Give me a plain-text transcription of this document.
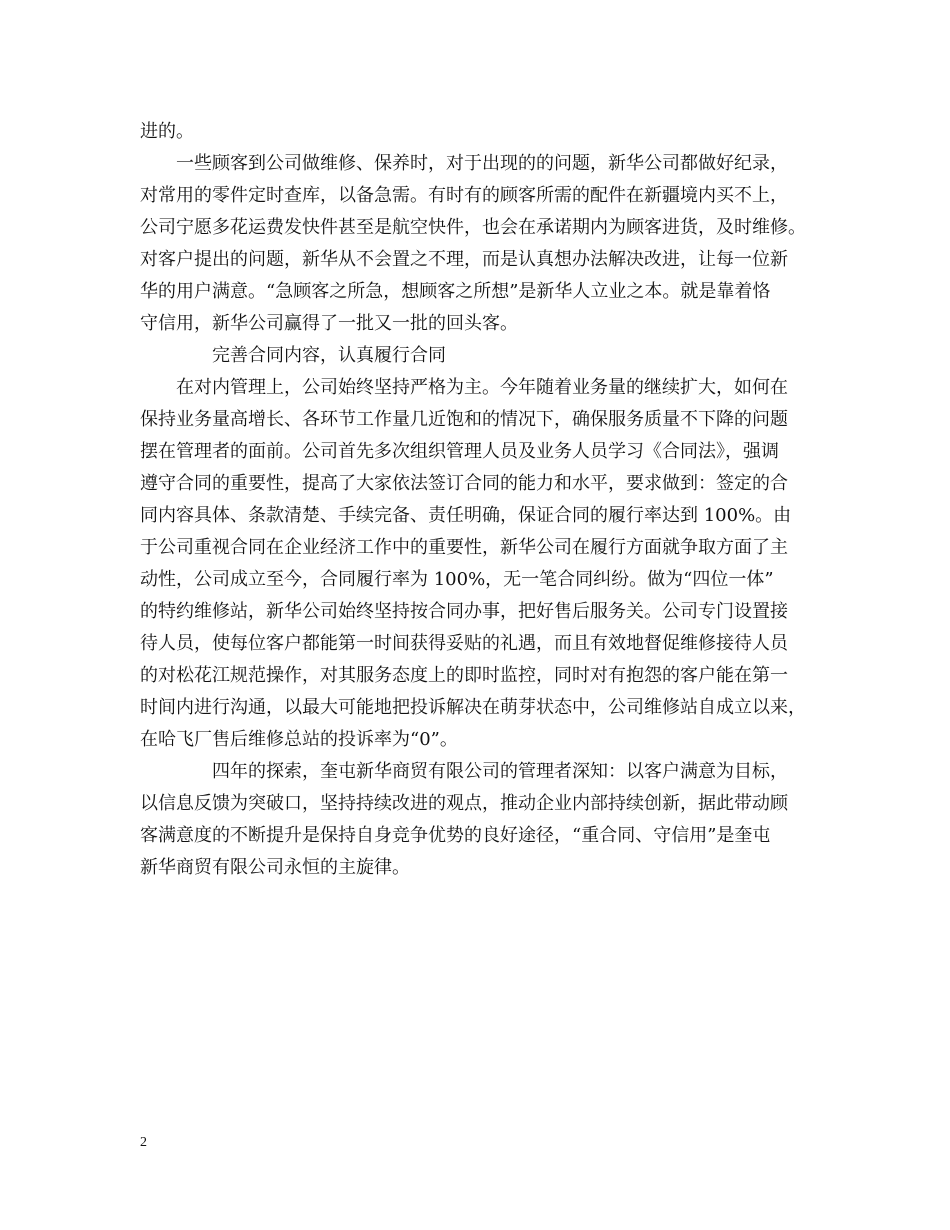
进的。
一些顾客到公司做维修、保养时，对于出现的的问题，新华公司都做好纪录，
对常用的零件定时查库，以备急需。有时有的顾客所需的配件在新疆境内买不上，
公司宁愿多花运费发快件甚至是航空快件，也会在承诺期内为顾客进货，及时维修。
对客户提出的问题，新华从不会置之不理，而是认真想办法解决改进，让每一位新
华的用户满意。“急顾客之所急，想顾客之所想”是新华人立业之本。就是靠着恪
守信用，新华公司赢得了一批又一批的回头客。
完善合同内容，认真履行合同
在对内管理上，公司始终坚持严格为主。今年随着业务量的继续扩大，如何在
保持业务量高增长、各环节工作量几近饱和的情况下，确保服务质量不下降的问题
摆在管理者的面前。公司首先多次组织管理人员及业务人员学习《合同法》，强调
遵守合同的重要性，提高了大家依法签订合同的能力和水平，要求做到：签定的合
同内容具体、条款清楚、手续完备、责任明确，保证合同的履行率达到 100%。由
于公司重视合同在企业经济工作中的重要性，新华公司在履行方面就争取方面了主
动性，公司成立至今，合同履行率为 100%，无一笔合同纠纷。做为“四位一体”
的特约维修站，新华公司始终坚持按合同办事，把好售后服务关。公司专门设置接
待人员，使每位客户都能第一时间获得妥贴的礼遇，而且有效地督促维修接待人员
的对松花江规范操作，对其服务态度上的即时监控，同时对有抱怨的客户能在第一
时间内进行沟通，以最大可能地把投诉解决在萌芽状态中，公司维修站自成立以来，
在哈飞厂售后维修总站的投诉率为“0”。
四年的探索，奎屯新华商贸有限公司的管理者深知：以客户满意为目标，
以信息反馈为突破口，坚持持续改进的观点，推动企业内部持续创新，据此带动顾
客满意度的不断提升是保持自身竞争优势的良好途径，“重合同、守信用”是奎屯
新华商贸有限公司永恒的主旋律。
2
